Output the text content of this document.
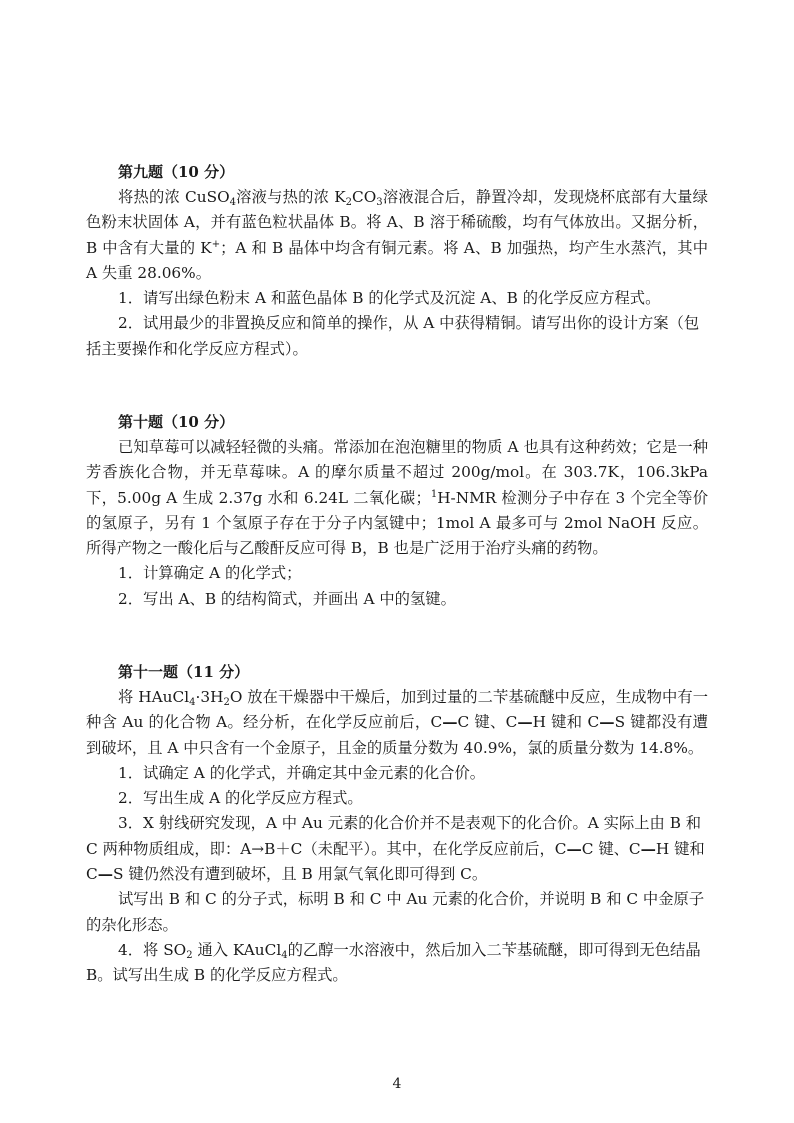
第九题（10 分）

将热的浓 CuSO$_4$溶液与热的浓 $K_2CO_3$溶液混合后，静置冷却，发现烧杯底部有大量绿色粉末状固体 A，并有蓝色粒状晶体 B。将 A、B 溶于稀硫酸，均有气体放出。又据分析，B 中含有大量的 K+；A 和 B 晶体中均含有铜元素。将 A、B 加强热，均产生水蒸汽，其中 A 失重 28.06%。

1．请写出绿色粉末 A 和蓝色晶体 B 的化学式及沉淀 A、B 的化学反应方程式。

2．试用最少的非置换反应和简单的操作，从 A 中获得精铜。请写出你的设计方案（包括主要操作和化学反应方程式）。

第十题（10 分）

已知草莓可以减轻轻微的头痛。常添加在泡泡糖里的物质 A 也具有这种药效；它是一种芳香族化合物，并无草莓味。A 的摩尔质量不超过 200g/mol。在 303.7K，106.3kPa 下，5.00g A 生成 2.37g 水和 6.24L 二氧化碳；$^1$H-NMR 检测分子中存在 3 个完全等价的氢原子，另有 1 个氢原子存在于分子内氢键中；1mol A 最多可与 2mol NaOH 反应。所得产物之一酸化后与乙酸酐反应可得 B，B 也是广泛用于治疗头痛的药物。

1．计算确定 A 的化学式；

2．写出 A、B 的结构简式，并画出 A 中的氢键。

第十一题（11 分）

将 $HAuCl_4\cdot 3H_2O$ 放在干燥器中干燥后，加到过量的二苄基硫醚中反应，生成物中有一种含 Au 的化合物 A。经分析，在化学反应前后，C—C 键、C—H 键和 C—S 键都没有遭到破坏，且 A 中只含有一个金原子，且金的质量分数为 40.9%，氯的质量分数为 14.8%。

1．试确定 A 的化学式，并确定其中金元素的化合价。

2．写出生成 A 的化学反应方程式。

3．X 射线研究发现，A 中 Au 元素的化合价并不是表观下的化合价。A 实际上由 B 和 C 两种物质组成，即：A→B＋C（未配平）。其中，在化学反应前后，C—C 键、C—H 键和 C—S 键仍然没有遭到破坏，且 B 用氯气氧化即可得到 C。

试写出 B 和 C 的分子式，标明 B 和 C 中 Au 元素的化合价，并说明 B 和 C 中金原子的杂化形态。

4．将 $SO_2$ 通入 KAuCl$_4$的乙醇一水溶液中，然后加入二苄基硫醚，即可得到无色结晶 B。试写出生成 B 的化学反应方程式。

4
